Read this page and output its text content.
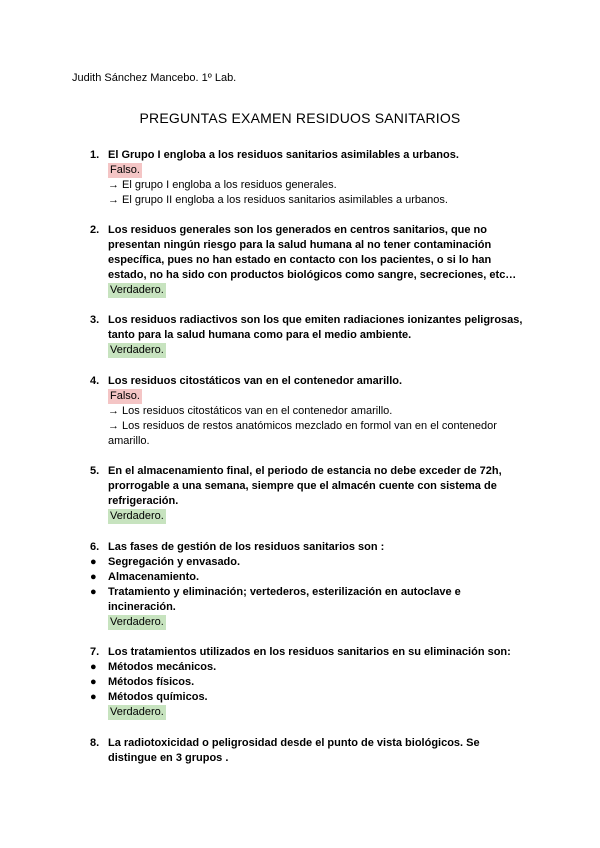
Judith Sánchez Mancebo. 1º Lab.
PREGUNTAS EXAMEN RESIDUOS SANITARIOS
1. El Grupo I engloba a los residuos sanitarios asimilables a urbanos.
Falso.
→ El grupo I engloba a los residuos generales.
→ El grupo II engloba a los residuos sanitarios asimilables a urbanos.
2. Los residuos generales son los generados en centros sanitarios, que no
presentan ningún riesgo para la salud humana al no tener contaminación
específica, pues no han estado en contacto con los pacientes, o si lo han
estado, no ha sido con productos biológicos como sangre, secreciones, etc…
Verdadero.
3. Los residuos radiactivos son los que emiten radiaciones ionizantes peligrosas,
tanto para la salud humana como para el medio ambiente.
Verdadero.
4. Los residuos citostáticos van en el contenedor amarillo.
Falso.
→ Los residuos citostáticos van en el contenedor amarillo.
→ Los residuos de restos anatómicos mezclado en formol van en el contenedor
amarillo.
5. En el almacenamiento final, el periodo de estancia no debe exceder de 72h,
prorrogable a una semana, siempre que el almacén cuente con sistema de
refrigeración.
Verdadero.
6. Las fases de gestión de los residuos sanitarios son :
● Segregación y envasado.
● Almacenamiento.
● Tratamiento y eliminación; vertederos, esterilización en autoclave e
incineración.
Verdadero.
7. Los tratamientos utilizados en los residuos sanitarios en su eliminación son:
● Métodos mecánicos.
● Métodos físicos.
● Métodos químicos.
Verdadero.
8. La radiotoxicidad o peligrosidad desde el punto de vista biológicos. Se
distingue en 3 grupos .
